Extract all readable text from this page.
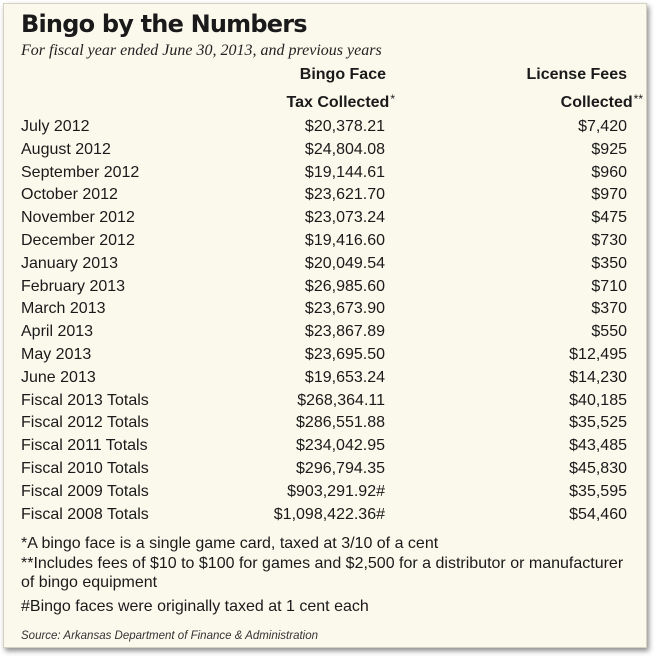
Bingo by the Numbers
For fiscal year ended June 30, 2013, and previous years
Bingo Face
Tax Collected*
License Fees
Collected**
July 2012	$20,378.21	$7,420
August 2012	$24,804.08	$925
September 2012	$19,144.61	$960
October 2012	$23,621.70	$970
November 2012	$23,073.24	$475
December 2012	$19,416.60	$730
January 2013	$20,049.54	$350
February 2013	$26,985.60	$710
March 2013	$23,673.90	$370
April 2013	$23,867.89	$550
May 2013	$23,695.50	$12,495
June 2013	$19,653.24	$14,230
Fiscal 2013 Totals	$268,364.11	$40,185
Fiscal 2012 Totals	$286,551.88	$35,525
Fiscal 2011 Totals	$234,042.95	$43,485
Fiscal 2010 Totals	$296,794.35	$45,830
Fiscal 2009 Totals	$903,291.92#	$35,595
Fiscal 2008 Totals	$1,098,422.36#	$54,460

*A bingo face is a single game card, taxed at 3/10 of a cent

**Includes fees of $10 to $100 for games and $2,500 for a distributor or manufacturer of bingo equipment

#Bingo faces were originally taxed at 1 cent each

Source: Arkansas Department of Finance & Administration
